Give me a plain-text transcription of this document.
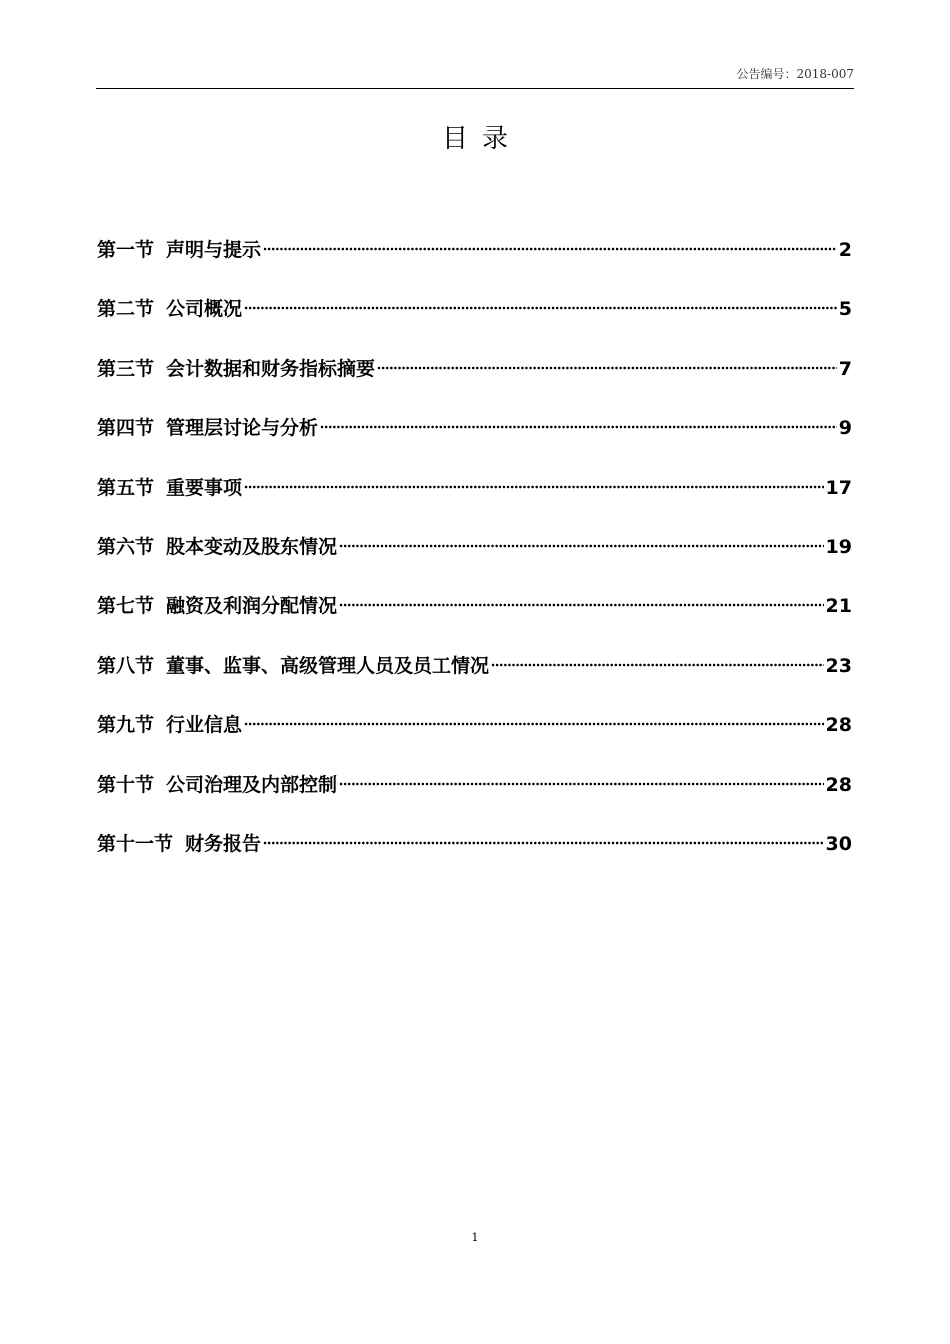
公告编号：2018-007
目录
第一节 声明与提示	2
第二节 公司概况	5
第三节 会计数据和财务指标摘要	7
第四节 管理层讨论与分析	9
第五节 重要事项	17
第六节 股本变动及股东情况	19
第七节 融资及利润分配情况	21
第八节 董事、监事、高级管理人员及员工情况	23
第九节 行业信息	28
第十节 公司治理及内部控制	28
第十一节 财务报告	30
1
